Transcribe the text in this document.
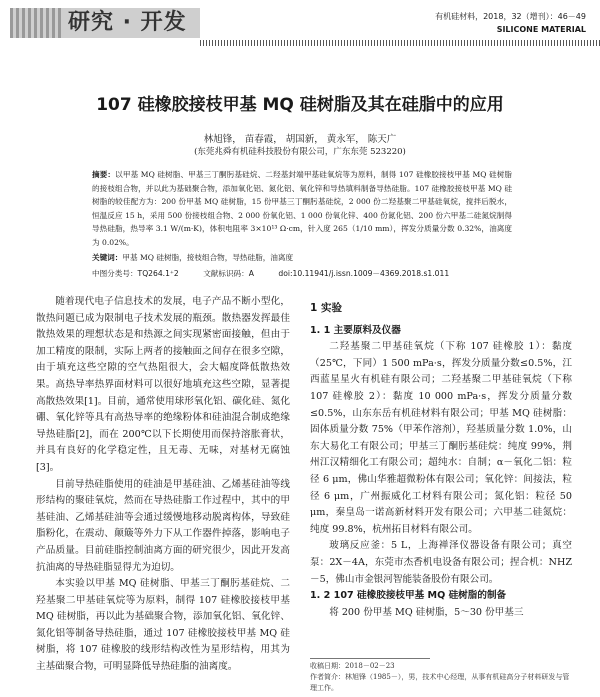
研究 · 开发	有机硅材料，2018，32（增刊）：46－49
SILICONE MATERIAL
107 硅橡胶接枝甲基 MQ 硅树脂及其在硅脂中的应用
林旭锋， 苗春霞， 胡国新， 黄永军， 陈天广
(东莞兆舜有机硅科技股份有限公司，广东东莞 523220)
摘要：以甲基 MQ 硅树脂、甲基三丁酮肟基硅烷、二羟基封端甲基硅氧烷等为原料，制得 107 硅橡胶接枝甲基 MQ 硅树脂的接枝组合物，并以此为基础聚合物，添加氧化铝、氮化铝、氧化锌和导热填料制备导热硅脂。107 硅橡胶接枝甲基 MQ 硅树脂的较佳配方为：200 份甲基 MQ 硅树脂，15 份甲基三丁酮肟基硅烷，2 000 份二羟基聚二甲基硅氧烷，搅拌后脱水，恒温反应 15 h，采用 500 份接枝组合物、2 000 份氧化铝、1 000 份氧化锌、400 份氮化铝、200 份六甲基二硅氮烷制得导热硅脂，热导率 3.1 W/(m·K)，体积电阻率 3×10¹³ Ω·cm，针入度 265（1/10 mm），挥发分质量分数 0.32%，油离度为 0.02%。
关键词：甲基 MQ 硅树脂，接枝组合物，导热硅脂，油离度
中图分类号：TQ264.1⁺2	文献标识码：A	doi:10.11941/j.issn.1009－4369.2018.s1.011

随着现代电子信息技术的发展，电子产品不断小型化，散热问题已成为限制电子技术发展的瓶颈。散热器发挥最佳散热效果的理想状态是和热源之间实现紧密面接触，但由于加工精度的限制，实际上两者的接触面之间存在很多空隙，由于填充这些空隙的空气热阻很大，会大幅度降低散热效果。高热导率热界面材料可以很好地填充这些空隙，显著提高散热效果[1]。目前，通常使用球形氧化铝、碳化硅、氮化硼、氧化锌等具有高热导率的绝缘粉体和硅油混合制成绝缘导热硅脂[2]，而在 200℃以下长期使用而保持溶胀膏状，并具有良好的化学稳定性，且无毒、无味，对基材无腐蚀[3]。

目前导热硅脂使用的硅油是甲基硅油、乙烯基硅油等线形结构的聚硅氧烷，然而在导热硅脂工作过程中，其中的甲基硅油、乙烯基硅油等会通过缓慢地移动脱离构体，导致硅脂粉化，在震动、颠簸等外力下从工作器件掉落，影响电子产品质量。目前硅脂控制油离方面的研究很少，因此开发高抗油离的导热硅脂显得尤为迫切。

本实验以甲基 MQ 硅树脂、甲基三丁酮肟基硅烷、二羟基聚二甲基硅氧烷等为原料，制得 107 硅橡胶接枝甲基 MQ 硅树脂，再以此为基础聚合物，添加氧化铝、氧化锌、氮化铝等制备导热硅脂，通过 107 硅橡胶接枝甲基 MQ 硅树脂，将 107 硅橡胶的线形结构改性为星形结构，用其为主基础聚合物，可明显降低导热硅脂的油离度。

1 实验
1. 1 主要原料及仪器

二羟基聚二甲基硅氧烷（下称 107 硅橡胶 1）：黏度（25℃，下同）1 500 mPa·s，挥发分质量分数≤0.5%，江西蓝星星火有机硅有限公司；二羟基聚二甲基硅氧烷（下称 107 硅橡胶 2）：黏度 10 000 mPa·s，挥发分质量分数≤0.5%，山东东岳有机硅材料有限公司；甲基 MQ 硅树脂：固体质量分数 75%（甲苯作溶剂），羟基质量分数 1.0%，山东大易化工有限公司；甲基三丁酮肟基硅烷：纯度 99%，荆州江汉精细化工有限公司；超纯水：自制；α－氧化二铝：粒径 6 μm，佛山华雅超微粉体有限公司；氧化锌：间接法，粒径 6 μm，广州振威化工材料有限公司；氮化铝：粒径 50 μm，秦皇岛一诺高新材料开发有限公司；六甲基二硅氮烷：纯度 99.8%，杭州拓目材料有限公司。

玻璃反应釜：5 L，上海禅泽仪器设备有限公司；真空泵：2X－4A，东莞市杰香机电设备有限公司；捏合机：NHZ－5，佛山市金银河智能装备股份有限公司。

1. 2 107 硅橡胶接枝甲基 MQ 硅树脂的制备

将 200 份甲基 MQ 硅树脂，5～30 份甲基三

收稿日期：2018－02－23
作者简介：林旭锋（1985－），男，技术中心经理，从事有机硅高分子材料研发与管理工作。
